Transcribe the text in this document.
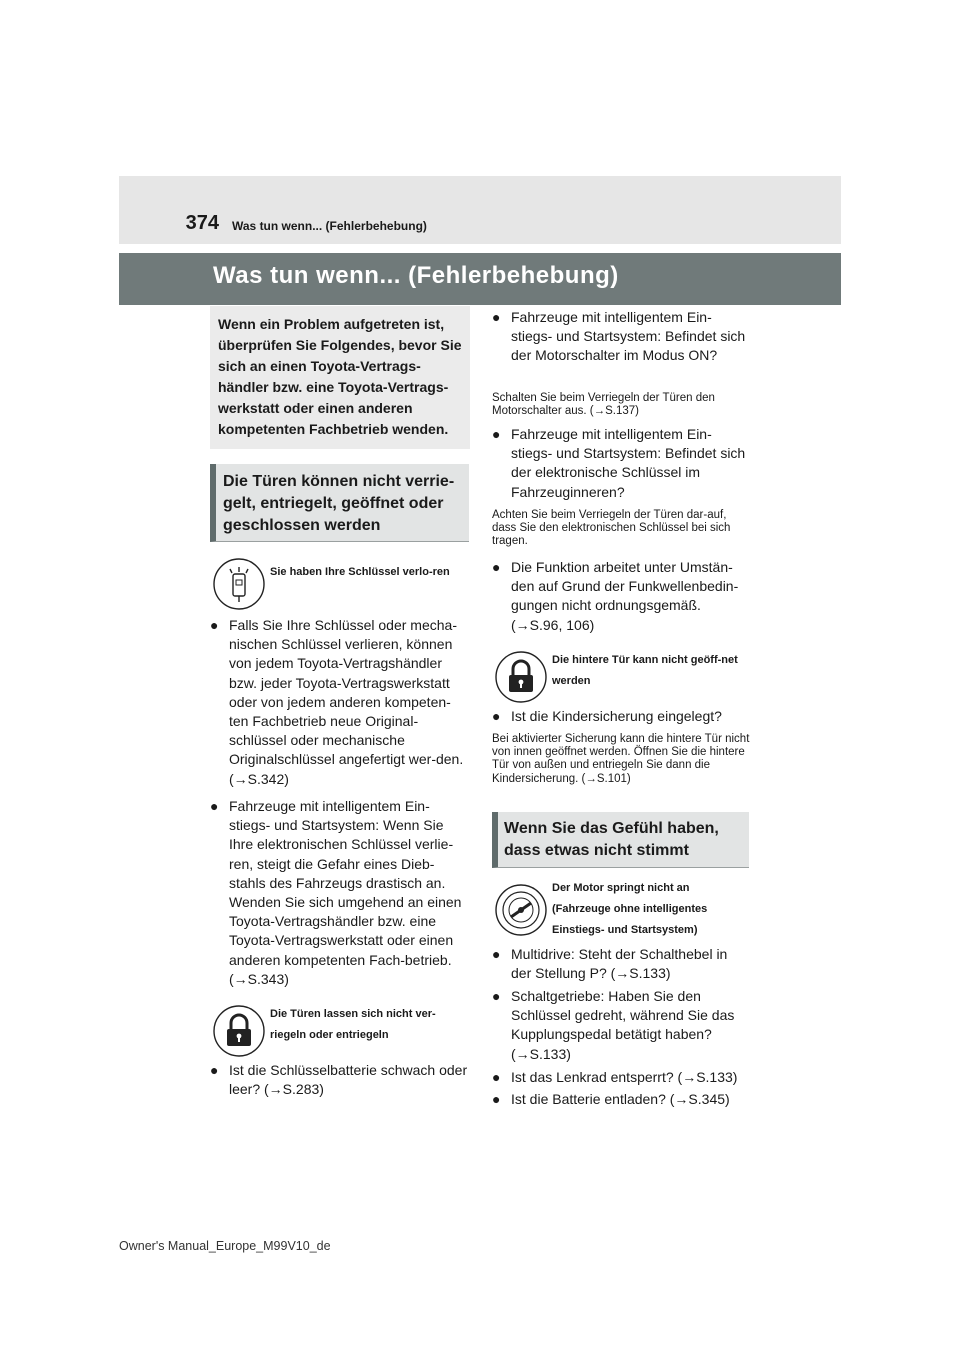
374 Was tun wenn... (Fehlerbehebung)
Was tun wenn... (Fehlerbehebung)
Wenn ein Problem aufgetreten ist, überprüfen Sie Folgendes, bevor Sie sich an einen Toyota-Vertrags-händler bzw. eine Toyota-Vertrags-werkstatt oder einen anderen kompetenten Fachbetrieb wenden.
Die Türen können nicht verrie-gelt, entriegelt, geöffnet oder geschlossen werden
Sie haben Ihre Schlüssel verlo-ren
● Falls Sie Ihre Schlüssel oder mecha-nischen Schlüssel verlieren, können von jedem Toyota-Vertragshändler bzw. jeder Toyota-Vertragswerkstatt oder von jedem anderen kompeten-ten Fachbetrieb neue Original-schlüssel oder mechanische Originalschlüssel angefertigt wer-den. (→S.342)
● Fahrzeuge mit intelligentem Ein-stiegs- und Startsystem: Wenn Sie Ihre elektronischen Schlüssel verlie-ren, steigt die Gefahr eines Dieb-stahls des Fahrzeugs drastisch an. Wenden Sie sich umgehend an einen Toyota-Vertragshändler bzw. eine Toyota-Vertragswerkstatt oder einen anderen kompetenten Fach-betrieb. (→S.343)
Die Türen lassen sich nicht ver-riegeln oder entriegeln
● Ist die Schlüsselbatterie schwach oder leer? (→S.283)
● Fahrzeuge mit intelligentem Ein-stiegs- und Startsystem: Befindet sich der Motorschalter im Modus ON?
Schalten Sie beim Verriegeln der Türen den Motorschalter aus. (→S.137)
● Fahrzeuge mit intelligentem Ein-stiegs- und Startsystem: Befindet sich der elektronische Schlüssel im Fahrzeuginneren?
Achten Sie beim Verriegeln der Türen dar-auf, dass Sie den elektronischen Schlüssel bei sich tragen.
● Die Funktion arbeitet unter Umstän-den auf Grund der Funkwellenbedin-gungen nicht ordnungsgemäß. (→S.96, 106)
Die hintere Tür kann nicht geöff-net werden
● Ist die Kindersicherung eingelegt?
Bei aktivierter Sicherung kann die hintere Tür nicht von innen geöffnet werden. Öffnen Sie die hintere Tür von außen und entriegeln Sie dann die Kindersicherung. (→S.101)
Wenn Sie das Gefühl haben, dass etwas nicht stimmt
Der Motor springt nicht an (Fahrzeuge ohne intelligentes Einstiegs- und Startsystem)
● Multidrive: Steht der Schalthebel in der Stellung P? (→S.133)
● Schaltgetriebe: Haben Sie den Schlüssel gedreht, während Sie das Kupplungspedal betätigt haben? (→S.133)
● Ist das Lenkrad entsperrt? (→S.133)
● Ist die Batterie entladen? (→S.345)
Owner's Manual_Europe_M99V10_de
